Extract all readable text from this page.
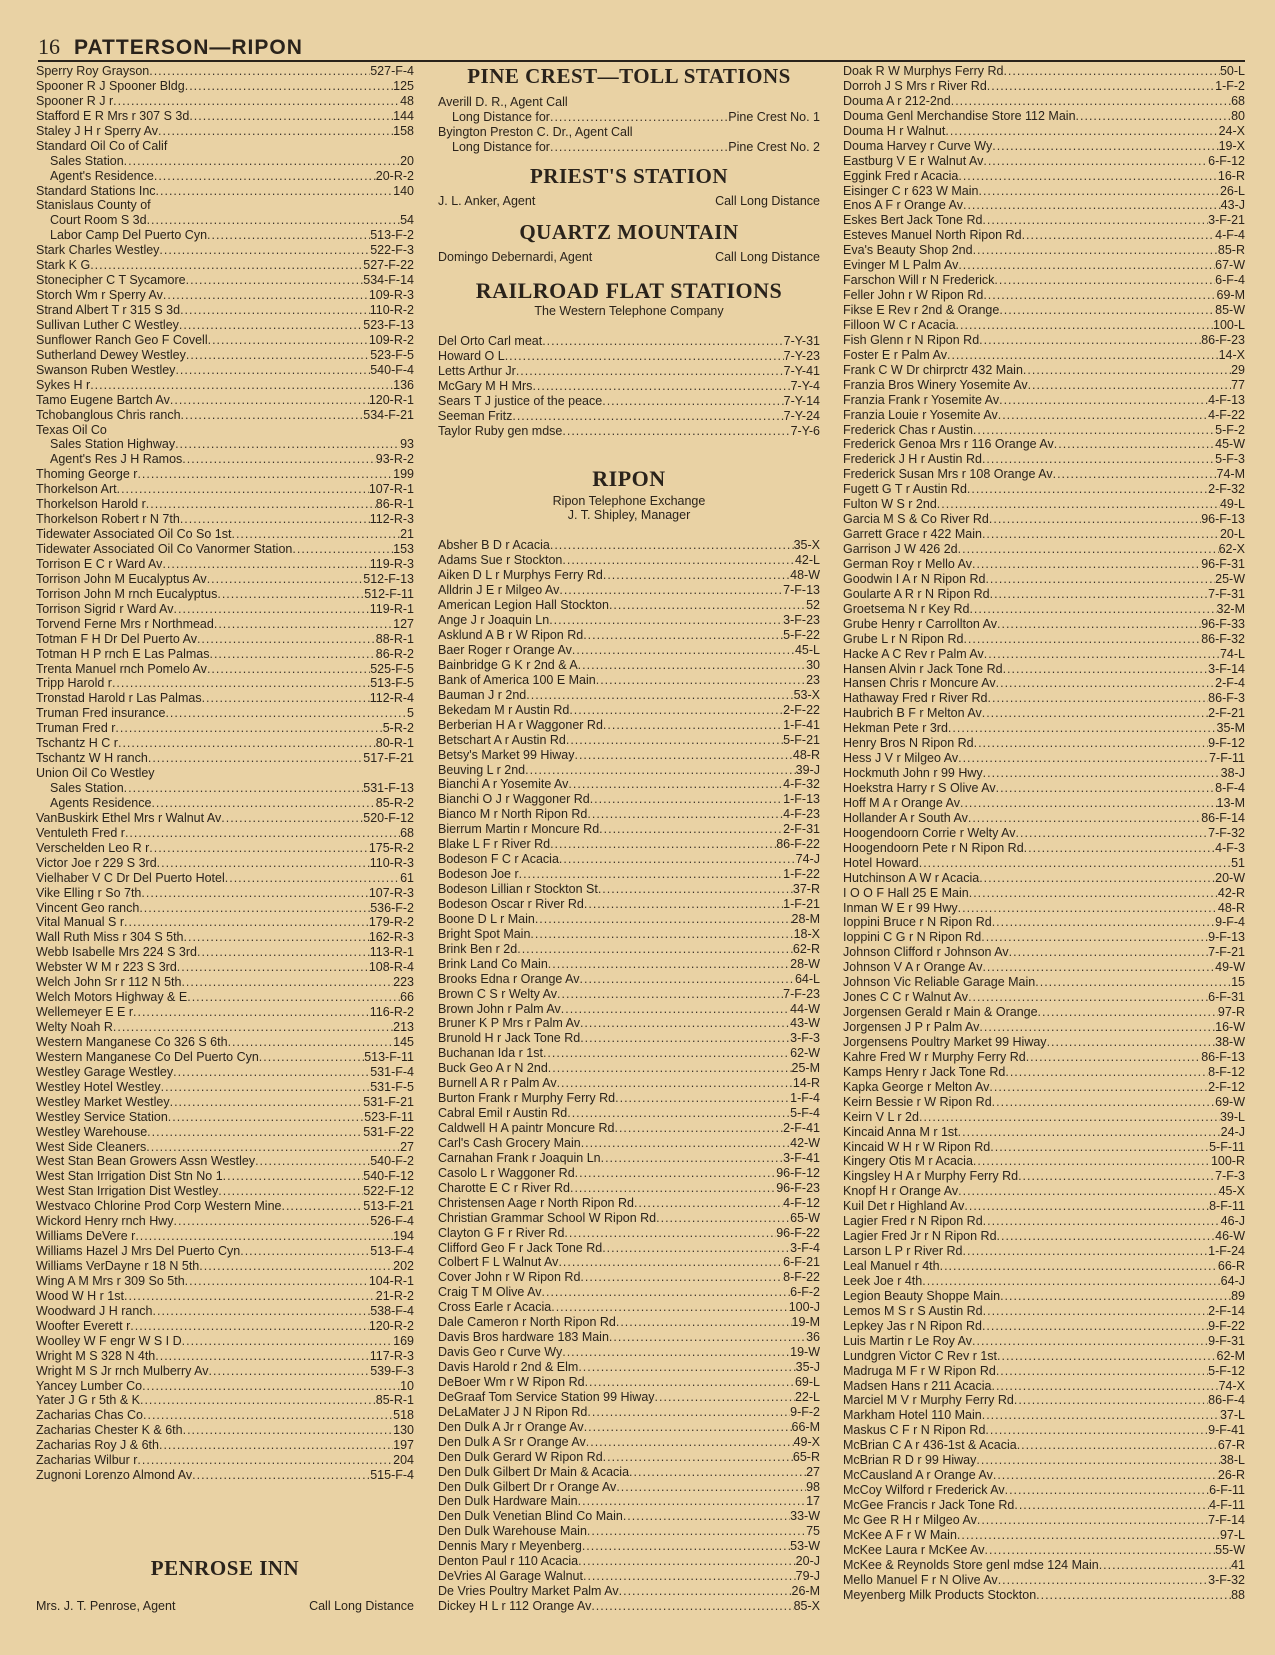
16 PATTERSON—RIPON
Sperry Roy Grayson .....	527-F-4
Spooner R J Spooner Bldg .....	125
Spooner R J r .....	48
Stafford E R Mrs r 307 S 3d .....	144
Staley J H r Sperry Av .....	158
Standard Oil Co of Calif
Sales Station .....	20
Agent's Residence .....	20-R-2
Standard Stations Inc .....	140
Stanislaus County of
Court Room S 3d .....	54
Labor Camp Del Puerto Cyn .....	513-F-2
Stark Charles Westley .....	522-F-3
Stark K G .....	527-F-22
Stonecipher C T Sycamore .....	534-F-14
Storch Wm r Sperry Av .....	109-R-3
Strand Albert T r 315 S 3d .....	110-R-2
Sullivan Luther C Westley .....	523-F-13
Sunflower Ranch Geo F Covell .....	109-R-2
Sutherland Dewey Westley .....	523-F-5
Swanson Ruben Westley .....	540-F-4
Sykes H r .....	136
Tamo Eugene Bartch Av .....	120-R-1
Tchobanglous Chris ranch .....	534-F-21
Texas Oil Co
Sales Station Highway .....	93
Agent's Res J H Ramos .....	93-R-2
Thoming George r .....	199
Thorkelson Art .....	107-R-1
Thorkelson Harold r .....	86-R-1
Thorkelson Robert r N 7th .....	112-R-3
Tidewater Associated Oil Co So 1st .....	21
Tidewater Associated Oil Co Vanormer Station .....	153
Torrison E C r Ward Av .....	119-R-3
Torrison John M Eucalyptus Av .....	512-F-13
Torrison John M rnch Eucalyptus .....	512-F-11
Torrison Sigrid r Ward Av .....	119-R-1
Torvend Ferne Mrs r Northmead .....	127
Totman F H Dr Del Puerto Av .....	88-R-1
Totman H P rnch E Las Palmas .....	86-R-2
Trenta Manuel rnch Pomelo Av .....	525-F-5
Tripp Harold r .....	513-F-5
Tronstad Harold r Las Palmas .....	112-R-4
Truman Fred insurance .....	5
Truman Fred r .....	5-R-2
Tschantz H C r .....	80-R-1
Tschantz W H ranch .....	517-F-21
Union Oil Co Westley
Sales Station .....	531-F-13
Agents Residence .....	85-R-2
VanBuskirk Ethel Mrs r Walnut Av .....	520-F-12
Ventuleth Fred r .....	68
Verschelden Leo R r .....	175-R-2
Victor Joe r 229 S 3rd .....	110-R-3
Vielhaber V C Dr Del Puerto Hotel .....	61
Vike Elling r So 7th .....	107-R-3
Vincent Geo ranch .....	536-F-2
Vital Manual S r .....	179-R-2
Wall Ruth Miss r 304 S 5th .....	162-R-3
Webb Isabelle Mrs 224 S 3rd .....	113-R-1
Webster W M r 223 S 3rd .....	108-R-4
Welch John Sr r 112 N 5th .....	223
Welch Motors Highway & E .....	66
Wellemeyer E E r .....	116-R-2
Welty Noah R .....	213
Western Manganese Co 326 S 6th .....	145
Western Manganese Co Del Puerto Cyn .....	513-F-11
Westley Garage Westley .....	531-F-4
Westley Hotel Westley .....	531-F-5
Westley Market Westley .....	531-F-21
Westley Service Station .....	523-F-11
Westley Warehouse .....	531-F-22
West Side Cleaners .....	27
West Stan Bean Growers Assn Westley .....	540-F-2
West Stan Irrigation Dist Stn No 1 .....	540-F-12
West Stan Irrigation Dist Westley .....	522-F-12
Westvaco Chlorine Prod Corp Western Mine .....	513-F-21
Wickord Henry rnch Hwy .....	526-F-4
Williams DeVere r .....	194
Williams Hazel J Mrs Del Puerto Cyn .....	513-F-4
Williams VerDayne r 18 N 5th .....	202
Wing A M Mrs r 309 So 5th .....	104-R-1
Wood W H r 1st .....	21-R-2
Woodward J H ranch .....	538-F-4
Woofter Everett r .....	120-R-2
Woolley W F engr W S I D .....	169
Wright M S 328 N 4th .....	117-R-3
Wright M S Jr rnch Mulberry Av .....	539-F-3
Yancey Lumber Co .....	10
Yater J G r 5th & K .....	85-R-1
Zacharias Chas Co .....	518
Zacharias Chester K & 6th .....	130
Zacharias Roy J & 6th .....	197
Zacharias Wilbur r .....	204
Zugnoni Lorenzo Almond Av .....	515-F-4
PENROSE INN
Mrs. J. T. Penrose, Agent	Call Long Distance
PINE CREST—TOLL STATIONS
Averill D. R., Agent Call
Long Distance for .....	Pine Crest No. 1
Byington Preston C. Dr., Agent Call
Long Distance for .....	Pine Crest No. 2
PRIEST'S STATION
J. L. Anker, Agent	Call Long Distance
QUARTZ MOUNTAIN
Domingo Debernardi, Agent	Call Long Distance
RAILROAD FLAT STATIONS
The Western Telephone Company
Del Orto Carl meat .....	7-Y-31
Howard O L .....	7-Y-23
Letts Arthur Jr .....	7-Y-41
McGary M H Mrs .....	7-Y-4
Sears T J justice of the peace .....	7-Y-14
Seeman Fritz .....	7-Y-24
Taylor Ruby gen mdse .....	7-Y-6
RIPON
Ripon Telephone Exchange
J. T. Shipley, Manager
Absher B D r Acacia .....	35-X
Adams Sue r Stockton .....	42-L
Aiken D L r Murphys Ferry Rd .....	48-W
Alldrin J E r Milgeo Av .....	7-F-13
American Legion Hall Stockton .....	52
Ange J r Joaquin Ln .....	3-F-23
Asklund A B r W Ripon Rd .....	5-F-22
Baer Roger r Orange Av .....	45-L
Bainbridge G K r 2nd & A .....	30
Bank of America 100 E Main .....	23
Bauman J r 2nd .....	53-X
Bekedam M r Austin Rd .....	2-F-22
Berberian H A r Waggoner Rd .....	1-F-41
Betschart A r Austin Rd .....	5-F-21
Betsy's Market 99 Hiway .....	48-R
Beuving L r 2nd .....	39-J
Bianchi A r Yosemite Av .....	4-F-32
Bianchi O J r Waggoner Rd .....	1-F-13
Bianco M r North Ripon Rd .....	4-F-23
Bierrum Martin r Moncure Rd .....	2-F-31
Blake L F r River Rd .....	86-F-22
Bodeson F C r Acacia .....	74-J
Bodeson Joe r .....	1-F-22
Bodeson Lillian r Stockton St .....	37-R
Bodeson Oscar r River Rd .....	1-F-21
Boone D L r Main .....	28-M
Bright Spot Main .....	18-X
Brink Ben r 2d .....	62-R
Brink Land Co Main .....	28-W
Brooks Edna r Orange Av .....	64-L
Brown C S r Welty Av .....	7-F-23
Brown John r Palm Av .....	44-W
Bruner K P Mrs r Palm Av .....	43-W
Brunold H r Jack Tone Rd .....	3-F-3
Buchanan Ida r 1st .....	62-W
Buck Geo A r N 2nd .....	25-M
Burnell A R r Palm Av .....	14-R
Burton Frank r Murphy Ferry Rd .....	1-F-4
Cabral Emil r Austin Rd .....	5-F-4
Caldwell H A paintr Moncure Rd .....	2-F-41
Carl's Cash Grocery Main .....	42-W
Carnahan Frank r Joaquin Ln .....	3-F-41
Casolo L r Waggoner Rd .....	96-F-12
Charotte E C r River Rd .....	96-F-23
Christensen Aage r North Ripon Rd .....	4-F-12
Christian Grammar School W Ripon Rd .....	65-W
Clayton G F r River Rd .....	96-F-22
Clifford Geo F r Jack Tone Rd .....	3-F-4
Colbert F L Walnut Av .....	6-F-21
Cover John r W Ripon Rd .....	8-F-22
Craig T M Olive Av .....	6-F-2
Cross Earle r Acacia .....	100-J
Dale Cameron r North Ripon Rd .....	19-M
Davis Bros hardware 183 Main .....	36
Davis Geo r Curve Wy .....	19-W
Davis Harold r 2nd & Elm .....	35-J
DeBoer Wm r W Ripon Rd .....	69-L
DeGraaf Tom Service Station 99 Hiway .....	22-L
DeLaMater J J N Ripon Rd .....	9-F-2
Den Dulk A Jr r Orange Av .....	66-M
Den Dulk A Sr r Orange Av .....	49-X
Den Dulk Gerard W Ripon Rd .....	65-R
Den Dulk Gilbert Dr Main & Acacia .....	27
Den Dulk Gilbert Dr r Orange Av .....	98
Den Dulk Hardware Main .....	17
Den Dulk Venetian Blind Co Main .....	33-W
Den Dulk Warehouse Main .....	75
Dennis Mary r Meyenberg .....	53-W
Denton Paul r 110 Acacia .....	20-J
DeVries Al Garage Walnut .....	79-J
De Vries Poultry Market Palm Av .....	26-M
Dickey H L r 112 Orange Av .....	85-X
Doak R W Murphys Ferry Rd .....	50-L
Dorroh J S Mrs r River Rd .....	1-F-2
Douma A r 212-2nd .....	68
Douma Genl Merchandise Store 112 Main .....	80
Douma H r Walnut .....	24-X
Douma Harvey r Curve Wy .....	19-X
Eastburg V E r Walnut Av .....	6-F-12
Eggink Fred r Acacia .....	16-R
Eisinger C r 623 W Main .....	26-L
Enos A F r Orange Av .....	43-J
Eskes Bert Jack Tone Rd .....	3-F-21
Esteves Manuel North Ripon Rd .....	4-F-4
Eva's Beauty Shop 2nd .....	85-R
Evinger M L Palm Av .....	67-W
Farschon Will r N Frederick .....	6-F-4
Feller John r W Ripon Rd .....	69-M
Fikse E Rev r 2nd & Orange .....	85-W
Filloon W C r Acacia .....	100-L
Fish Glenn r N Ripon Rd .....	86-F-23
Foster E r Palm Av .....	14-X
Frank C W Dr chirprctr 432 Main .....	29
Franzia Bros Winery Yosemite Av .....	77
Franzia Frank r Yosemite Av .....	4-F-13
Franzia Louie r Yosemite Av .....	4-F-22
Frederick Chas r Austin .....	5-F-2
Frederick Genoa Mrs r 116 Orange Av .....	45-W
Frederick J H r Austin Rd .....	5-F-3
Frederick Susan Mrs r 108 Orange Av .....	74-M
Fugett G T r Austin Rd .....	2-F-32
Fulton W S r 2nd .....	49-L
Garcia M S & Co River Rd .....	96-F-13
Garrett Grace r 422 Main .....	20-L
Garrison J W 426 2d .....	62-X
German Roy r Mello Av .....	96-F-31
Goodwin I A r N Ripon Rd .....	25-W
Goularte A R r N Ripon Rd .....	7-F-31
Groetsema N r Key Rd .....	32-M
Grube Henry r Carrollton Av .....	96-F-33
Grube L r N Ripon Rd .....	86-F-32
Hacke A C Rev r Palm Av .....	74-L
Hansen Alvin r Jack Tone Rd .....	3-F-14
Hansen Chris r Moncure Av .....	2-F-4
Hathaway Fred r River Rd .....	86-F-3
Haubrich B F r Melton Av .....	2-F-21
Hekman Pete r 3rd .....	35-M
Henry Bros N Ripon Rd .....	9-F-12
Hess J V r Milgeo Av .....	7-F-11
Hockmuth John r 99 Hwy .....	38-J
Hoekstra Harry r S Olive Av .....	8-F-4
Hoff M A r Orange Av .....	13-M
Hollander A r South Av .....	86-F-14
Hoogendoorn Corrie r Welty Av .....	7-F-32
Hoogendoorn Pete r N Ripon Rd .....	4-F-3
Hotel Howard .....	51
Hutchinson A W r Acacia .....	20-W
I O O F Hall 25 E Main .....	42-R
Inman W E r 99 Hwy .....	48-R
Ioppini Bruce r N Ripon Rd .....	9-F-4
Ioppini C G r N Ripon Rd .....	9-F-13
Johnson Clifford r Johnson Av .....	7-F-21
Johnson V A r Orange Av .....	49-W
Johnson Vic Reliable Garage Main .....	15
Jones C C r Walnut Av .....	6-F-31
Jorgensen Gerald r Main & Orange .....	97-R
Jorgensen J P r Palm Av .....	16-W
Jorgensens Poultry Market 99 Hiway .....	38-W
Kahre Fred W r Murphy Ferry Rd .....	86-F-13
Kamps Henry r Jack Tone Rd .....	8-F-12
Kapka George r Melton Av .....	2-F-12
Keirn Bessie r W Ripon Rd .....	69-W
Keirn V L r 2d .....	39-L
Kincaid Anna M r 1st .....	24-J
Kincaid W H r W Ripon Rd .....	5-F-11
Kingery Otis M r Acacia .....	100-R
Kingsley H A r Murphy Ferry Rd .....	7-F-3
Knopf H r Orange Av .....	45-X
Kuil Det r Highland Av .....	8-F-11
Lagier Fred r N Ripon Rd .....	46-J
Lagier Fred Jr r N Ripon Rd .....	46-W
Larson L P r River Rd .....	1-F-24
Leal Manuel r 4th .....	66-R
Leek Joe r 4th .....	64-J
Legion Beauty Shoppe Main .....	89
Lemos M S r S Austin Rd .....	2-F-14
Lepkey Jas r N Ripon Rd .....	9-F-22
Luis Martin r Le Roy Av .....	9-F-31
Lundgren Victor C Rev r 1st .....	62-M
Madruga M F r W Ripon Rd .....	5-F-12
Madsen Hans r 211 Acacia .....	74-X
Marciel M V r Murphy Ferry Rd .....	86-F-4
Markham Hotel 110 Main .....	37-L
Maskus C F r N Ripon Rd .....	9-F-41
McBrian C A r 436-1st & Acacia .....	67-R
McBrian R D r 99 Hiway .....	38-L
McCausland A r Orange Av .....	26-R
McCoy Wilford r Frederick Av .....	6-F-11
McGee Francis r Jack Tone Rd .....	4-F-11
Mc Gee R H r Milgeo Av .....	7-F-14
McKee A F r W Main .....	97-L
McKee Laura r McKee Av .....	55-W
McKee & Reynolds Store genl mdse 124 Main .....	41
Mello Manuel F r N Olive Av .....	3-F-32
Meyenberg Milk Products Stockton .....	88
